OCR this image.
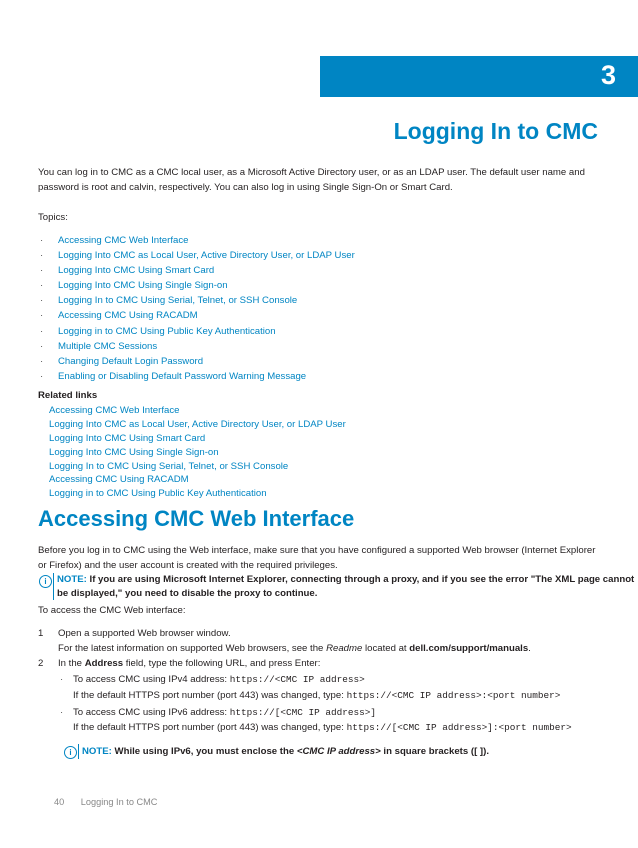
3
Logging In to CMC
You can log in to CMC as a CMC local user, as a Microsoft Active Directory user, or as an LDAP user. The default user name and password is root and calvin, respectively. You can also log in using Single Sign-On or Smart Card.
Topics:
· Accessing CMC Web Interface
· Logging Into CMC as Local User, Active Directory User, or LDAP User
· Logging Into CMC Using Smart Card
· Logging Into CMC Using Single Sign-on
· Logging In to CMC Using Serial, Telnet, or SSH Console
· Accessing CMC Using RACADM
· Logging in to CMC Using Public Key Authentication
· Multiple CMC Sessions
· Changing Default Login Password
· Enabling or Disabling Default Password Warning Message
Related links
Accessing CMC Web Interface
Logging Into CMC as Local User, Active Directory User, or LDAP User
Logging Into CMC Using Smart Card
Logging Into CMC Using Single Sign-on
Logging In to CMC Using Serial, Telnet, or SSH Console
Accessing CMC Using RACADM
Logging in to CMC Using Public Key Authentication
Accessing CMC Web Interface
Before you log in to CMC using the Web interface, make sure that you have configured a supported Web browser (Internet Explorer or Firefox) and the user account is created with the required privileges.
i	NOTE: If you are using Microsoft Internet Explorer, connecting through a proxy, and if you see the error "The XML page cannot
be displayed," you need to disable the proxy to continue.
To access the CMC Web interface:
1 Open a supported Web browser window.
For the latest information on supported Web browsers, see the Readme located at dell.com/support/manuals.
2 In the Address field, type the following URL, and press Enter:
· To access CMC using IPv4 address: https://<CMC IP address>
If the default HTTPS port number (port 443) was changed, type: https://<CMC IP address>:<port number>
· To access CMC using IPv6 address: https://[<CMC IP address>]
If the default HTTPS port number (port 443) was changed, type: https://[<CMC IP address>]:<port number>
i	NOTE: While using IPv6, you must enclose the <CMC IP address> in square brackets ([ ]).
40 Logging In to CMC
